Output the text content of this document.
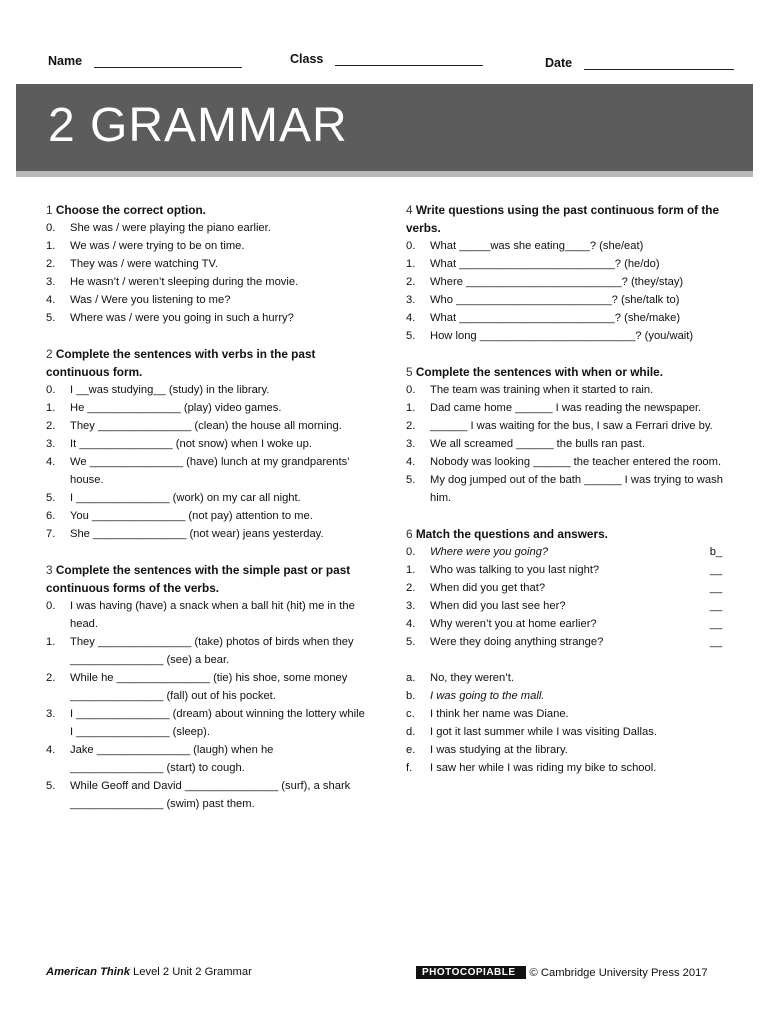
Name	Class	Date
2 GRAMMAR
1 Choose the correct option.
0.	She was / were playing the piano earlier.
1.	We was / were trying to be on time.
2.	They was / were watching TV.
3.	He wasn’t / weren’t sleeping during the movie.
4.	Was / Were you listening to me?
5.	Where was / were you going in such a hurry?
2 Complete the sentences with verbs in the past continuous form.
0.	I __was studying__ (study) in the library.
1.	He _______________ (play) video games.
2.	They _______________ (clean) the house all morning.
3.	It _______________ (not snow) when I woke up.
4.	We _______________ (have) lunch at my grandparents’ house.
5.	I _______________ (work) on my car all night.
6.	You _______________ (not pay) attention to me.
7.	She _______________ (not wear) jeans yesterday.
3 Complete the sentences with the simple past or past continuous forms of the verbs.
0.	I was having (have) a snack when a ball hit (hit) me in the head.
1.	They _______________ (take) photos of birds when they _______________ (see) a bear.
2.	While he _______________ (tie) his shoe, some money _______________ (fall) out of his pocket.
3.	I _______________ (dream) about winning the lottery while I _______________ (sleep).
4.	Jake _______________ (laugh) when he _______________ (start) to cough.
5.	While Geoff and David _______________ (surf), a shark _______________ (swim) past them.
4 Write questions using the past continuous form of the verbs.
0.	What _____was she eating____? (she/eat)
1.	What _________________________? (he/do)
2.	Where _________________________? (they/stay)
3.	Who _________________________? (she/talk to)
4.	What _________________________? (she/make)
5.	How long _________________________? (you/wait)
5 Complete the sentences with when or while.
0.	The team was training when it started to rain.
1.	Dad came home ______ I was reading the newspaper.
2.	______ I was waiting for the bus, I saw a Ferrari drive by.
3.	We all screamed ______ the bulls ran past.
4.	Nobody was looking ______ the teacher entered the room.
5.	My dog jumped out of the bath ______ I was trying to wash him.
6 Match the questions and answers.
0.	Where were you going?	b_
1.	Who was talking to you last night?	__
2.	When did you get that?	__
3.	When did you last see her?	__
4.	Why weren’t you at home earlier?	__
5.	Were they doing anything strange?	__
a.	No, they weren’t.
b.	I was going to the mall.
c.	I think her name was Diane.
d.	I got it last summer while I was visiting Dallas.
e.	I was studying at the library.
f.	I saw her while I was riding my bike to school.
American Think Level 2 Unit 2 Grammar	PHOTOCOPIABLE	© Cambridge University Press 2017
